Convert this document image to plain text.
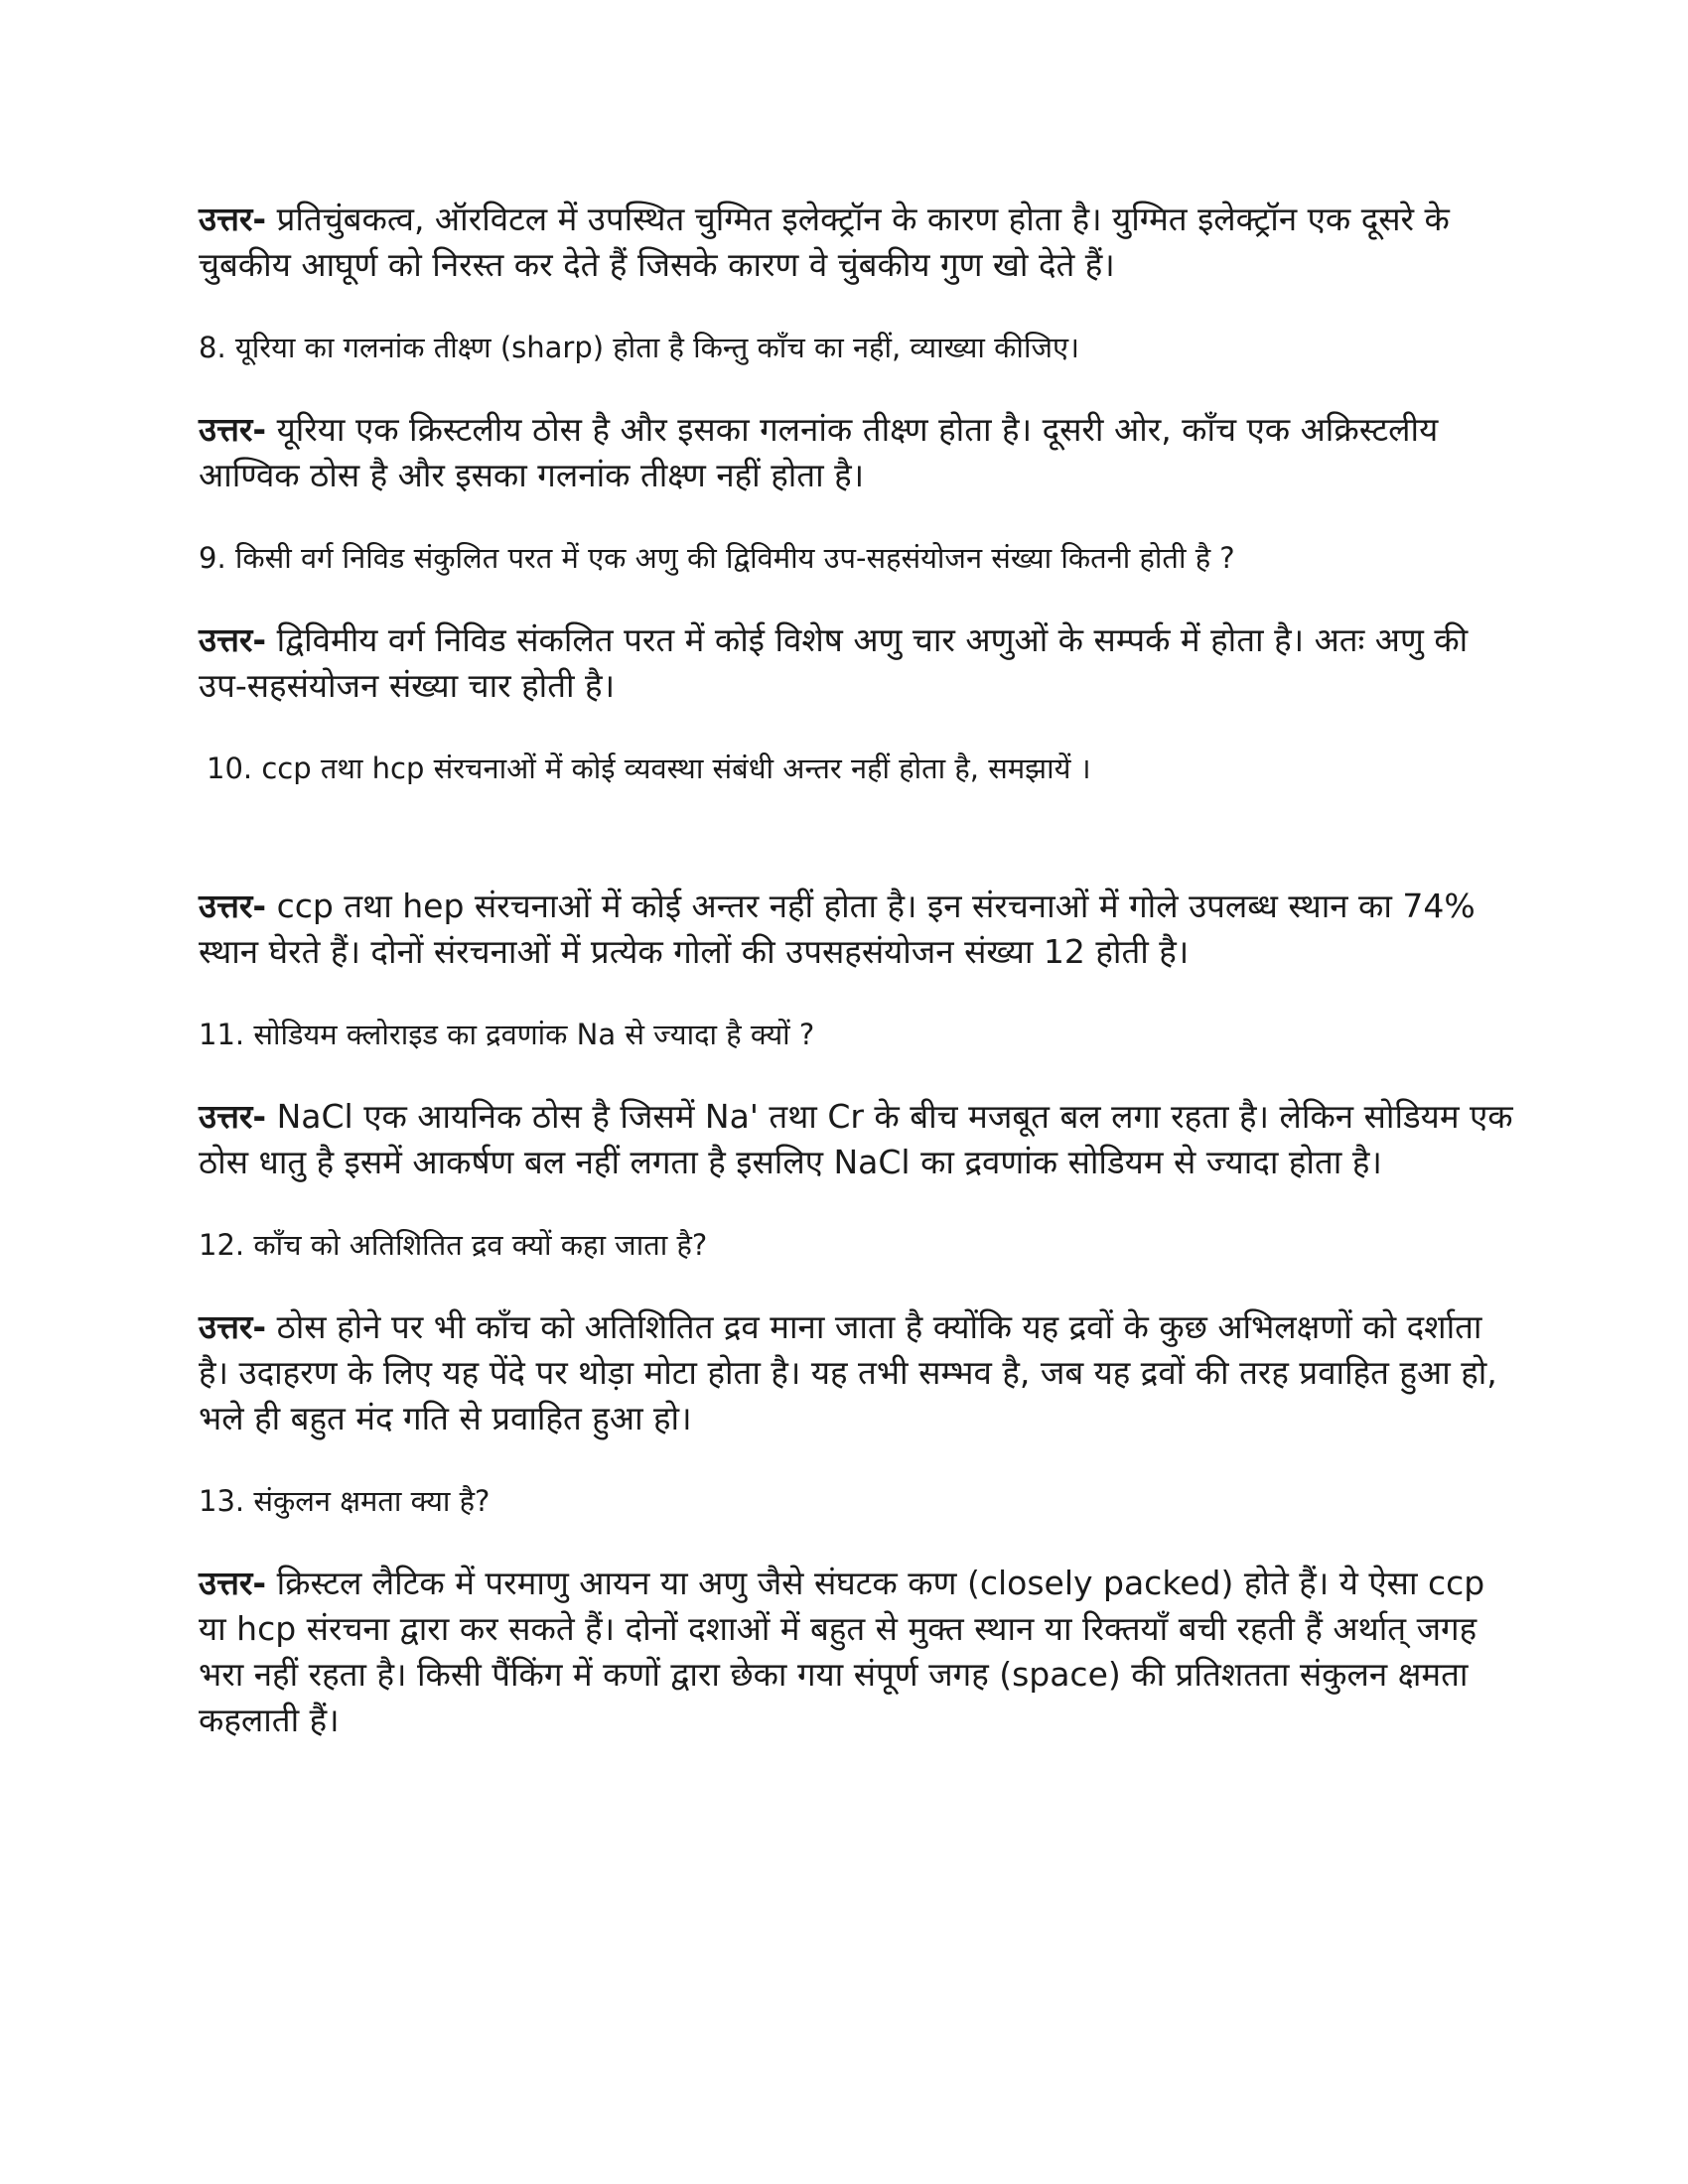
उत्तर- प्रतिचुंबकत्व, ऑरविटल में उपस्थित चुग्मित इलेक्ट्रॉन के कारण होता है। युग्मित इलेक्ट्रॉन एक दूसरे के चुबकीय आघूर्ण को निरस्त कर देते हैं जिसके कारण वे चुंबकीय गुण खो देते हैं।

8. यूरिया का गलनांक तीक्ष्ण (sharp) होता है किन्तु काँच का नहीं, व्याख्या कीजिए।

उत्तर- यूरिया एक क्रिस्टलीय ठोस है और इसका गलनांक तीक्ष्ण होता है। दूसरी ओर, काँच एक अक्रिस्टलीय आण्विक ठोस है और इसका गलनांक तीक्ष्ण नहीं होता है।

9. किसी वर्ग निविड संकुलित परत में एक अणु की द्विविमीय उप-सहसंयोजन संख्या कितनी होती है ?

उत्तर- द्विविमीय वर्ग निविड संकलित परत में कोई विशेष अणु चार अणुओं के सम्पर्क में होता है। अतः अणु की उप-सहसंयोजन संख्या चार होती है।

10. ccp तथा hcp संरचनाओं में कोई व्यवस्था संबंधी अन्तर नहीं होता है, समझायें ।

उत्तर- ccp तथा hep संरचनाओं में कोई अन्तर नहीं होता है। इन संरचनाओं में गोले उपलब्ध स्थान का 74% स्थान घेरते हैं। दोनों संरचनाओं में प्रत्येक गोलों की उपसहसंयोजन संख्या 12 होती है।

11. सोडियम क्लोराइड का द्रवणांक Na से ज्यादा है क्यों ?

उत्तर- NaCl एक आयनिक ठोस है जिसमें Na' तथा Cr के बीच मजबूत बल लगा रहता है। लेकिन सोडियम एक ठोस धातु है इसमें आकर्षण बल नहीं लगता है इसलिए NaCl का द्रवणांक सोडियम से ज्यादा होता है।

12. काँच को अतिशितित द्रव क्यों कहा जाता है?

उत्तर- ठोस होने पर भी काँच को अतिशितित द्रव माना जाता है क्योंकि यह द्रवों के कुछ अभिलक्षणों को दर्शाता है। उदाहरण के लिए यह पेंदे पर थोड़ा मोटा होता है। यह तभी सम्भव है, जब यह द्रवों की तरह प्रवाहित हुआ हो, भले ही बहुत मंद गति से प्रवाहित हुआ हो।

13. संकुलन क्षमता क्या है?

उत्तर- क्रिस्टल लैटिक में परमाणु आयन या अणु जैसे संघटक कण (closely packed) होते हैं। ये ऐसा ccp या hcp संरचना द्वारा कर सकते हैं। दोनों दशाओं में बहुत से मुक्त स्थान या रिक्तयाँ बची रहती हैं अर्थात् जगह भरा नहीं रहता है। किसी पैंकिंग में कणों द्वारा छेका गया संपूर्ण जगह (space) की प्रतिशतता संकुलन क्षमता कहलाती हैं।
